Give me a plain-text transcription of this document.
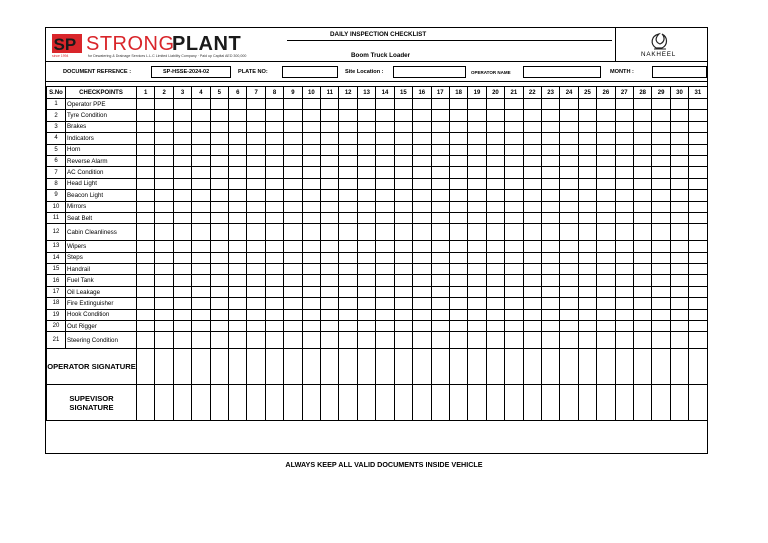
SP STRONG
PLANT
since 1994	for Dewatering & Drainage Services L.L.C Limited Liability Company · Paid up Capital AED 300,000
DAILY INSPECTION CHECKLIST
Boom Truck Loader	NAKHEEL
DOCUMENT REFRENCE :	SP-HSSE-2024-02	PLATE NO:	Site Location :	OPERATOR NAME	MONTH :
S.No	CHECKPOINTS	1	2	3	4	5	6	7	8	9	10	11	12	13	14	15	16	17	18	19	20	21	22	23	24	25	26	27	28	29	30	31
1	Operator PPE																															
2	Tyre Condition																															
3	Brakes																															
4	Indicators																															
5	Horn																															
6	Reverse Alarm																															
7	AC Condition																															
8	Head Light																															
9	Beacon Light																															
10	Mirrors																															
11	Seat Belt																															
12	Cabin Cleanliness																															
13	Wipers																															
14	Steps																															
15	Handrail																															
16	Fuel Tank																															
17	Oil Leakage																															
18	Fire Extinguisher																															
19	Hook Condition																															
20	Out Rigger																															
21	Steering Condition																															
OPERATOR SIGNATURE																																
SUPEVISOR SIGNATURE																																
ALWAYS KEEP ALL VALID DOCUMENTS INSIDE VEHICLE
